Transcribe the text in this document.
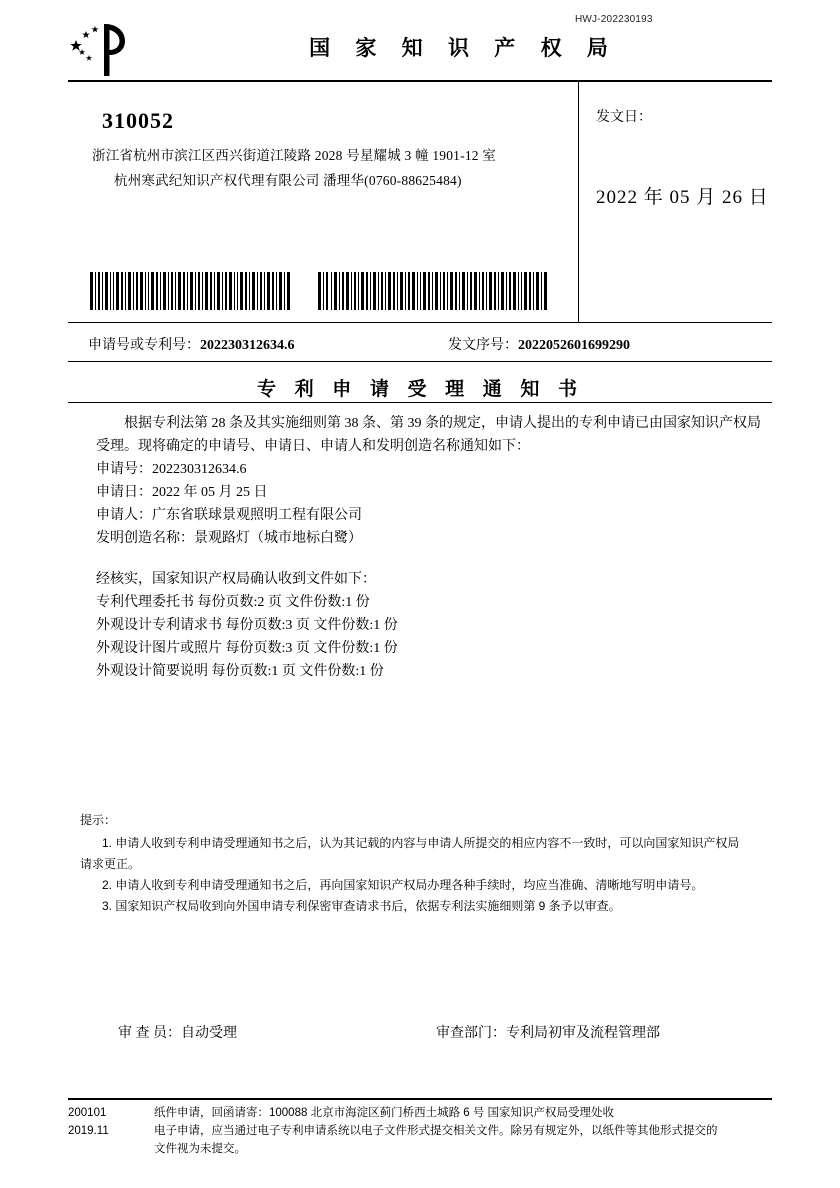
HWJ-202230193
国 家 知 识 产 权 局
310052
浙江省杭州市滨江区西兴街道江陵路 2028 号星耀城 3 幢 1901-12 室
杭州寒武纪知识产权代理有限公司 潘理华(0760-88625484)
发文日：
2022 年 05 月 26 日
申请号或专利号：202230312634.6	发文序号：2022052601699290
专 利 申 请 受 理 通 知 书
根据专利法第 28 条及其实施细则第 38 条、第 39 条的规定，申请人提出的专利申请已由国家知识产权局
受理。现将确定的申请号、申请日、申请人和发明创造名称通知如下：
申请号：202230312634.6
申请日：2022 年 05 月 25 日
申请人：广东省联球景观照明工程有限公司
发明创造名称：景观路灯（城市地标白鹭）
经核实，国家知识产权局确认收到文件如下：
专利代理委托书 每份页数:2 页 文件份数:1 份
外观设计专利请求书 每份页数:3 页 文件份数:1 份
外观设计图片或照片 每份页数:3 页 文件份数:1 份
外观设计简要说明 每份页数:1 页 文件份数:1 份
提示：
1. 申请人收到专利申请受理通知书之后，认为其记载的内容与申请人所提交的相应内容不一致时，可以向国家知识产权局
请求更正。
2. 申请人收到专利申请受理通知书之后，再向国家知识产权局办理各种手续时，均应当准确、清晰地写明申请号。
3. 国家知识产权局收到向外国申请专利保密审查请求书后，依据专利法实施细则第 9 条予以审查。
审 查 员：自动受理	审查部门：专利局初审及流程管理部
200101
2019.11
纸件申请，回函请寄：100088 北京市海淀区蓟门桥西土城路 6 号 国家知识产权局受理处收
电子申请，应当通过电子专利申请系统以电子文件形式提交相关文件。除另有规定外，以纸件等其他形式提交的
文件视为未提交。
